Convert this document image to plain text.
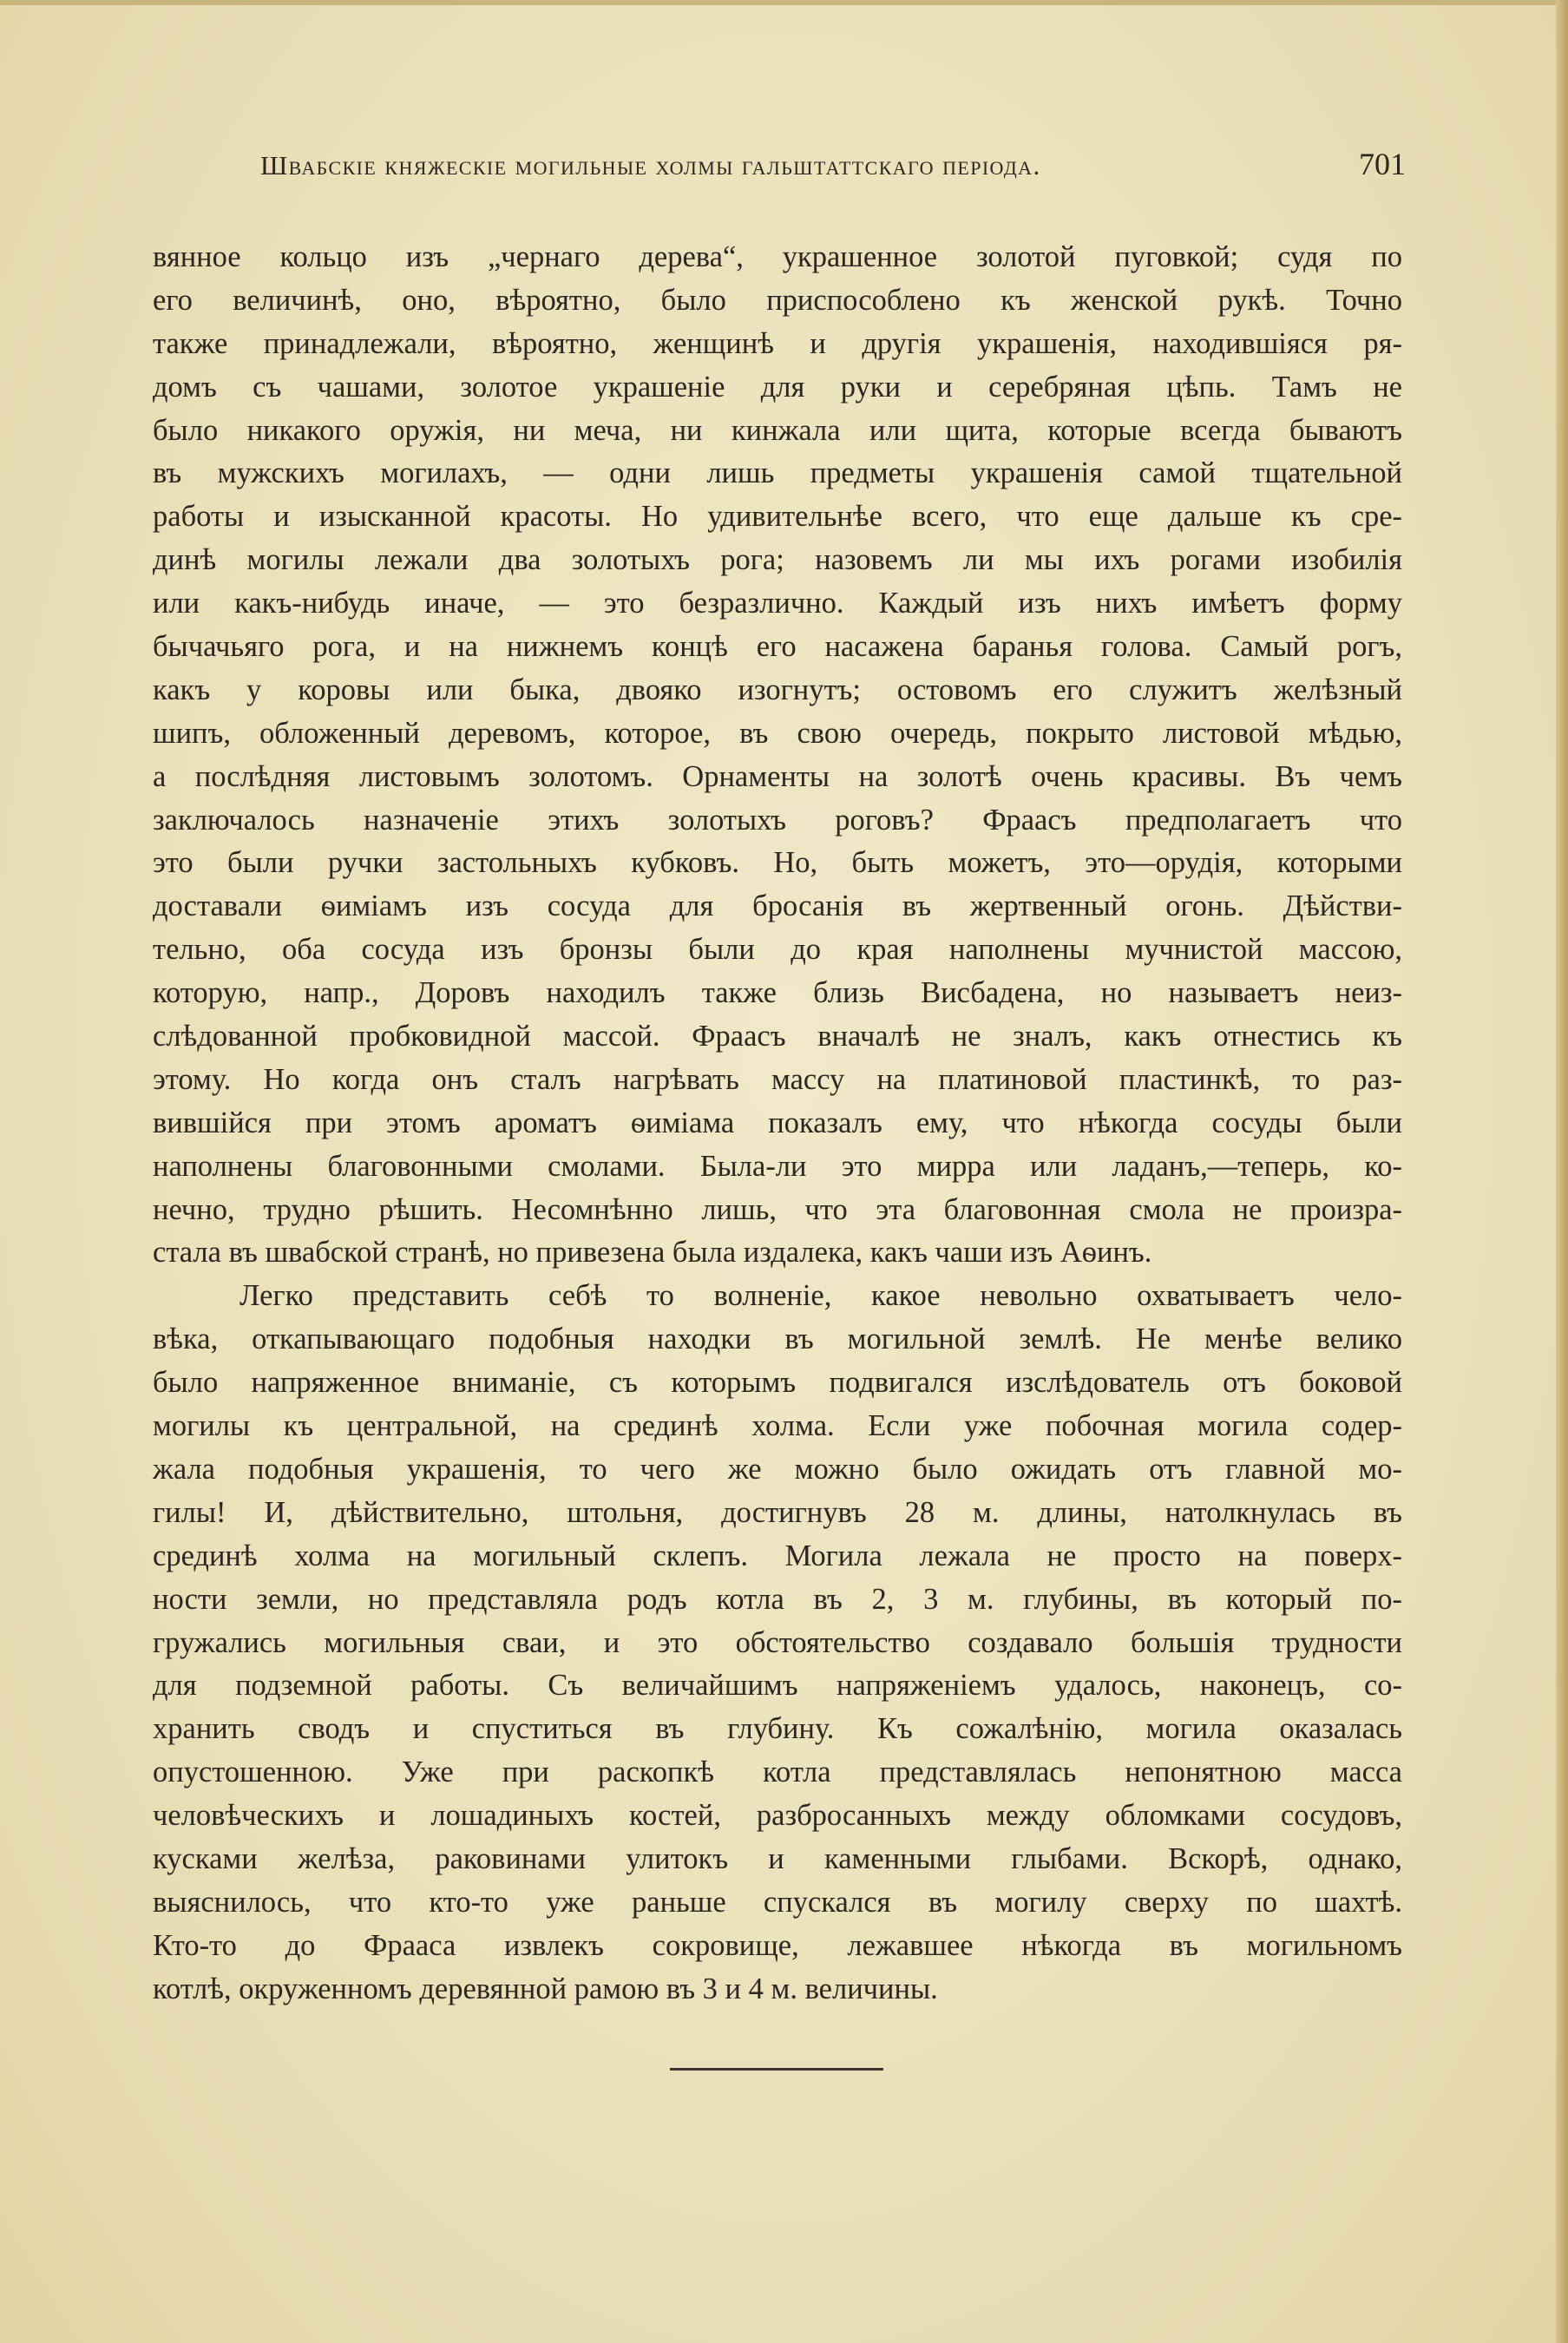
Швабскіе княжескіе могильные холмы гальштаттскаго періода.	701
вянное кольцо изъ „чернаго дерева“, украшенное золотой пуговкой; судя по
его величинѣ, оно, вѣроятно, было приспособлено къ женской рукѣ. Точно
также принадлежали, вѣроятно, женщинѣ и другія украшенія, находившіяся ря-
домъ съ чашами, золотое украшеніе для руки и серебряная цѣпь. Тамъ не
было никакого оружія, ни меча, ни кинжала или щита, которые всегда бываютъ
въ мужскихъ могилахъ, — одни лишь предметы украшенія самой тщательной
работы и изысканной красоты. Но удивительнѣе всего, что еще дальше къ сре-
динѣ могилы лежали два золотыхъ рога; назовемъ ли мы ихъ рогами изобилія
или какъ-нибудь иначе, — это безразлично. Каждый изъ нихъ имѣетъ форму
бычачьяго рога, и на нижнемъ концѣ его насажена баранья голова. Самый рогъ,
какъ у коровы или быка, двояко изогнутъ; остовомъ его служитъ желѣзный
шипъ, обложенный деревомъ, которое, въ свою очередь, покрыто листовой мѣдью,
а послѣдняя листовымъ золотомъ. Орнаменты на золотѣ очень красивы. Въ чемъ
заключалось назначеніе этихъ золотыхъ роговъ? Фраасъ предполагаетъ что
это были ручки застольныхъ кубковъ. Но, быть можетъ, это—орудія, которыми
доставали ѳиміамъ изъ сосуда для бросанія въ жертвенный огонь. Дѣйстви-
тельно, оба сосуда изъ бронзы были до края наполнены мучнистой массою,
которую, напр., Доровъ находилъ также близь Висбадена, но называетъ неиз-
слѣдованной пробковидной массой. Фраасъ вначалѣ не зналъ, какъ отнестись къ
этому. Но когда онъ сталъ нагрѣвать массу на платиновой пластинкѣ, то раз-
вившійся при этомъ ароматъ ѳиміама показалъ ему, что нѣкогда сосуды были
наполнены благовонными смолами. Была-ли это мирра или ладанъ,—теперь, ко-
нечно, трудно рѣшить. Несомнѣнно лишь, что эта благовонная смола не произра-
стала въ швабской странѣ, но привезена была издалека, какъ чаши изъ Аѳинъ.
Легко представить себѣ то волненіе, какое невольно охватываетъ чело-
вѣка, откапывающаго подобныя находки въ могильной землѣ. Не менѣе велико
было напряженное вниманіе, съ которымъ подвигался изслѣдователь отъ боковой
могилы къ центральной, на срединѣ холма. Если уже побочная могила содер-
жала подобныя украшенія, то чего же можно было ожидать отъ главной мо-
гилы! И, дѣйствительно, штольня, достигнувъ 28 м. длины, натолкнулась въ
срединѣ холма на могильный склепъ. Могила лежала не просто на поверх-
ности земли, но представляла родъ котла въ 2, 3 м. глубины, въ который по-
гружались могильныя сваи, и это обстоятельство создавало большія трудности
для подземной работы. Съ величайшимъ напряженіемъ удалось, наконецъ, со-
хранить сводъ и спуститься въ глубину. Къ сожалѣнію, могила оказалась
опустошенною. Уже при раскопкѣ котла представлялась непонятною масса
человѣческихъ и лошадиныхъ костей, разбросанныхъ между обломками сосудовъ,
кусками желѣза, раковинами улитокъ и каменными глыбами. Вскорѣ, однако,
выяснилось, что кто-то уже раньше спускался въ могилу сверху по шахтѣ.
Кто-то до Фрааса извлекъ сокровище, лежавшее нѣкогда въ могильномъ
котлѣ, окруженномъ деревянной рамою въ 3 и 4 м. величины.
